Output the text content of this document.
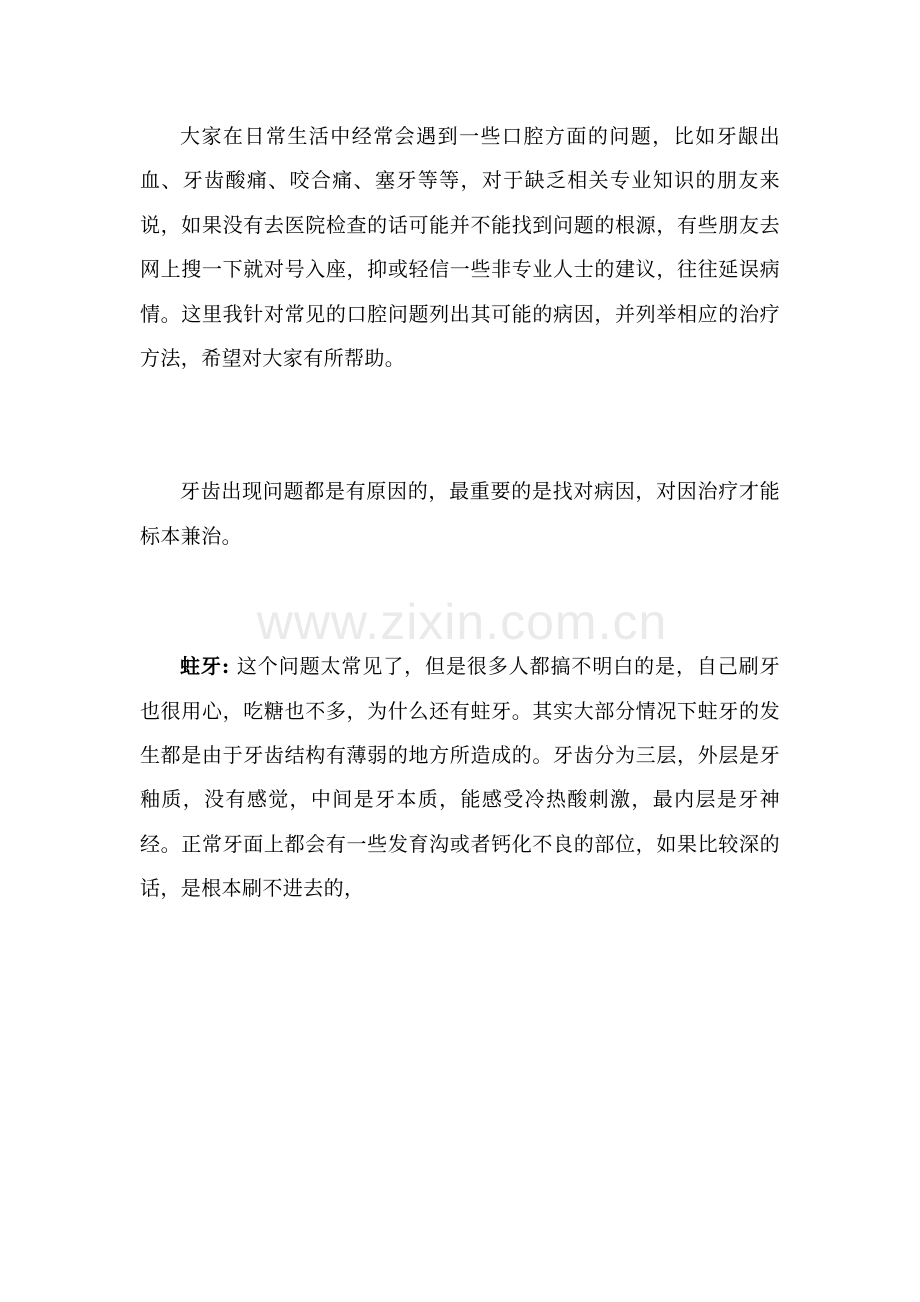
大家在日常生活中经常会遇到一些口腔方面的问题，比如牙龈出血、牙齿酸痛、咬合痛、塞牙等等，对于缺乏相关专业知识的朋友来说，如果没有去医院检查的话可能并不能找到问题的根源，有些朋友去网上搜一下就对号入座，抑或轻信一些非专业人士的建议，往往延误病情。这里我针对常见的口腔问题列出其可能的病因，并列举相应的治疗方法，希望对大家有所帮助。

牙齿出现问题都是有原因的，最重要的是找对病因，对因治疗才能标本兼治。

蛀牙: 这个问题太常见了，但是很多人都搞不明白的是，自己刷牙也很用心，吃糖也不多，为什么还有蛀牙。其实大部分情况下蛀牙的发生都是由于牙齿结构有薄弱的地方所造成的。牙齿分为三层，外层是牙釉质，没有感觉，中间是牙本质，能感受冷热酸刺激，最内层是牙神经。正常牙面上都会有一些发育沟或者钙化不良的部位，如果比较深的话，是根本刷不进去的，

www.zixin.com.cn
